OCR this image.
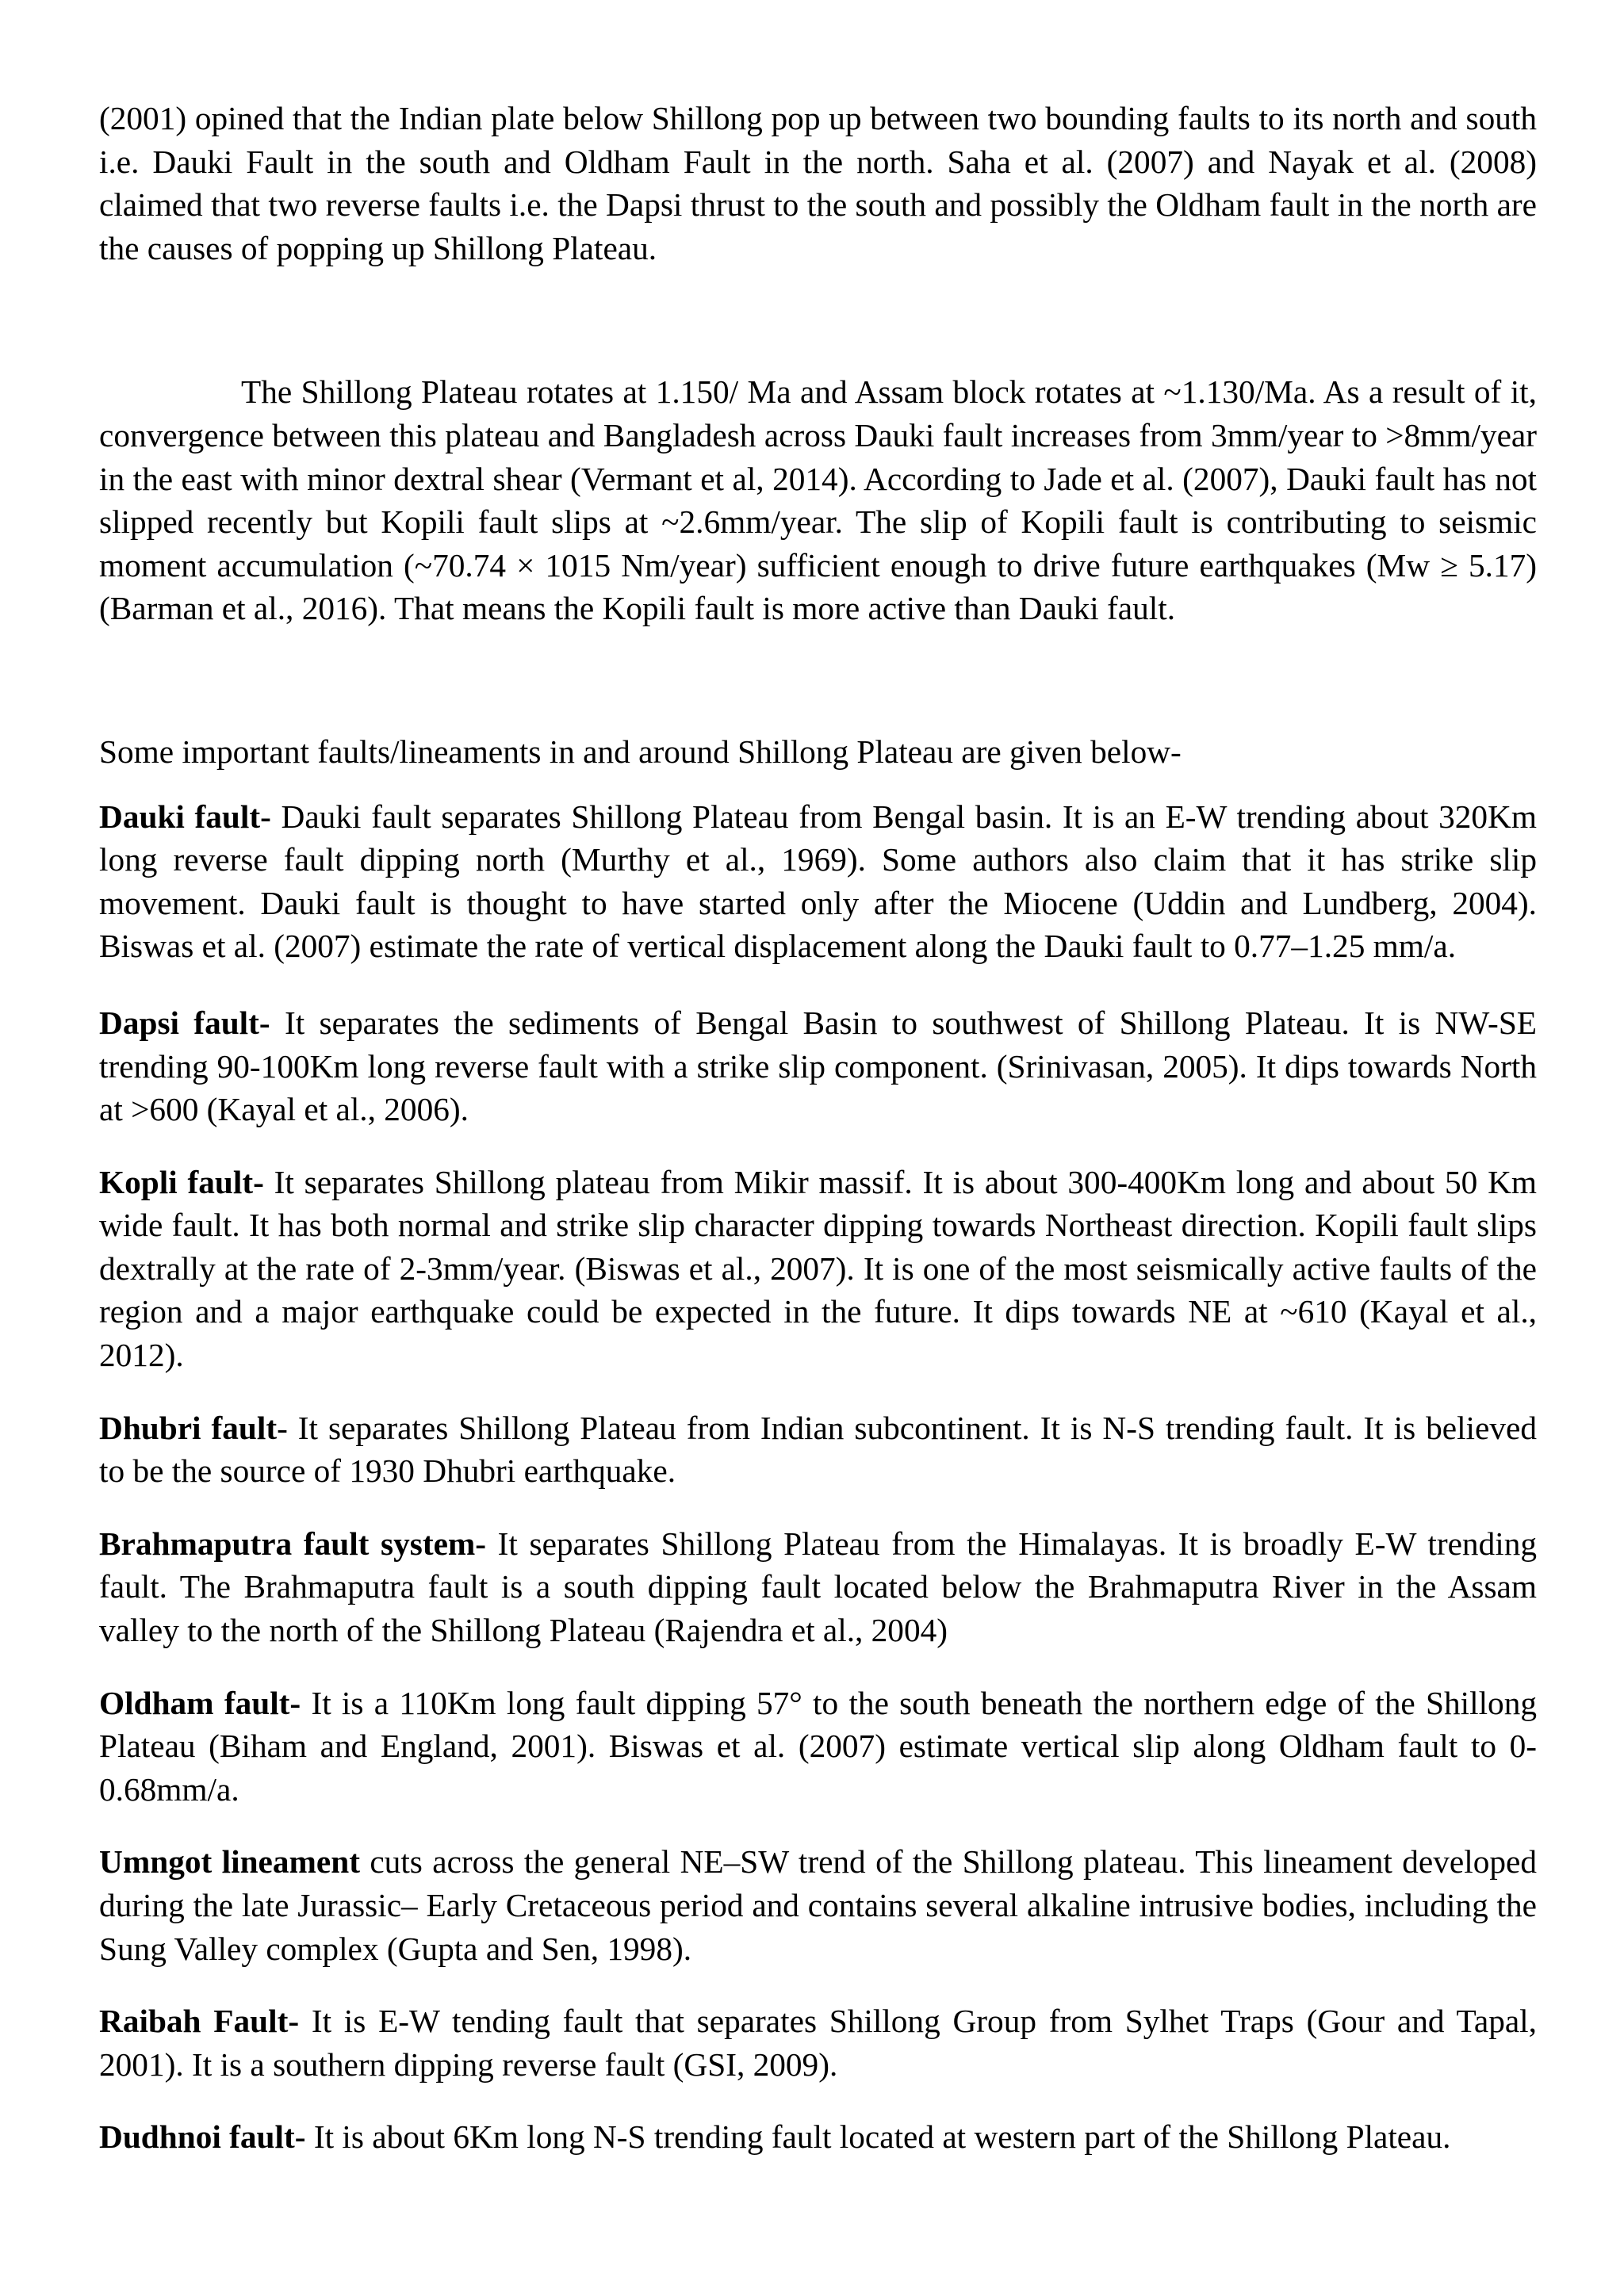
(2001) opined that the Indian plate below Shillong pop up between two bounding faults to its north and south i.e. Dauki Fault in the south and Oldham Fault in the north. Saha et al. (2007) and Nayak et al. (2008) claimed that two reverse faults i.e. the Dapsi thrust to the south and possibly the Oldham fault in the north are the causes of popping up Shillong Plateau.

The Shillong Plateau rotates at 1.150/ Ma and Assam block rotates at ~1.130/Ma. As a result of it, convergence between this plateau and Bangladesh across Dauki fault increases from 3mm/year to >8mm/year in the east with minor dextral shear (Vermant et al, 2014). According to Jade et al. (2007), Dauki fault has not slipped recently but Kopili fault slips at ~2.6mm/year. The slip of Kopili fault is contributing to seismic moment accumulation (~70.74 × 1015 Nm/year) sufficient enough to drive future earthquakes (Mw ≥ 5.17) (Barman et al., 2016). That means the Kopili fault is more active than Dauki fault.

Some important faults/lineaments in and around Shillong Plateau are given below-

Dauki fault- Dauki fault separates Shillong Plateau from Bengal basin. It is an E-W trending about 320Km long reverse fault dipping north (Murthy et al., 1969). Some authors also claim that it has strike slip movement. Dauki fault is thought to have started only after the Miocene (Uddin and Lundberg, 2004). Biswas et al. (2007) estimate the rate of vertical displacement along the Dauki fault to 0.77–1.25 mm/a.

Dapsi fault- It separates the sediments of Bengal Basin to southwest of Shillong Plateau. It is NW-SE trending 90-100Km long reverse fault with a strike slip component. (Srinivasan, 2005). It dips towards North at >600 (Kayal et al., 2006).

Kopli fault- It separates Shillong plateau from Mikir massif. It is about 300-400Km long and about 50 Km wide fault. It has both normal and strike slip character dipping towards Northeast direction. Kopili fault slips dextrally at the rate of 2-3mm/year. (Biswas et al., 2007). It is one of the most seismically active faults of the region and a major earthquake could be expected in the future. It dips towards NE at ~610 (Kayal et al., 2012).

Dhubri fault- It separates Shillong Plateau from Indian subcontinent. It is N-S trending fault. It is believed to be the source of 1930 Dhubri earthquake.

Brahmaputra fault system- It separates Shillong Plateau from the Himalayas. It is broadly E-W trending fault. The Brahmaputra fault is a south dipping fault located below the Brahmaputra River in the Assam valley to the north of the Shillong Plateau (Rajendra et al., 2004)

Oldham fault- It is a 110Km long fault dipping 57° to the south beneath the northern edge of the Shillong Plateau (Biham and England, 2001). Biswas et al. (2007) estimate vertical slip along Oldham fault to 0-0.68mm/a.

Umngot lineament cuts across the general NE–SW trend of the Shillong plateau. This lineament developed during the late Jurassic– Early Cretaceous period and contains several alkaline intrusive bodies, including the Sung Valley complex (Gupta and Sen, 1998).

Raibah Fault- It is E-W tending fault that separates Shillong Group from Sylhet Traps (Gour and Tapal, 2001). It is a southern dipping reverse fault (GSI, 2009).

Dudhnoi fault- It is about 6Km long N-S trending fault located at western part of the Shillong Plateau.
